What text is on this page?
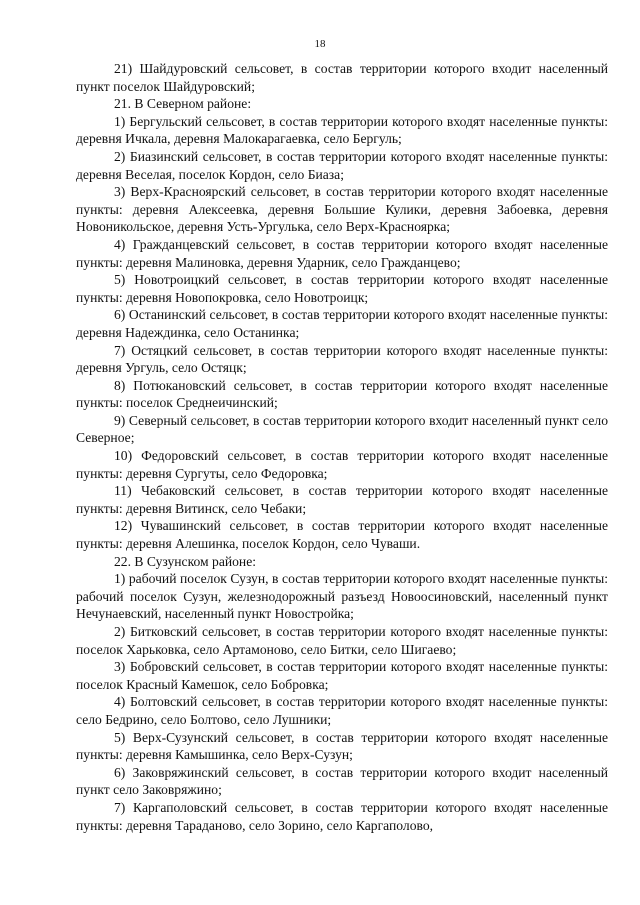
18

21) Шайдуровский сельсовет, в состав территории которого входит населенный пункт поселок Шайдуровский;

21. В Северном районе:

1) Бергульский сельсовет, в состав территории которого входят населенные пункты: деревня Ичкала, деревня Малокарагаевка, село Бергуль;

2) Биазинский сельсовет, в состав территории которого входят населенные пункты: деревня Веселая, поселок Кордон, село Биаза;

3) Верх-Красноярский сельсовет, в состав территории которого входят населенные пункты: деревня Алексеевка, деревня Большие Кулики, деревня Забоевка, деревня Новоникольское, деревня Усть-Ургулька, село Верх-Красноярка;

4) Гражданцевский сельсовет, в состав территории которого входят населенные пункты: деревня Малиновка, деревня Ударник, село Гражданцево;

5) Новотроицкий сельсовет, в состав территории которого входят населенные пункты: деревня Новопокровка, село Новотроицк;

6) Останинский сельсовет, в состав территории которого входят населенные пункты: деревня Надеждинка, село Останинка;

7) Остяцкий сельсовет, в состав территории которого входят населенные пункты: деревня Ургуль, село Остяцк;

8) Потюкановский сельсовет, в состав территории которого входят населенные пункты: поселок Среднеичинский;

9) Северный сельсовет, в состав территории которого входит населенный пункт село Северное;

10) Федоровский сельсовет, в состав территории которого входят населенные пункты: деревня Сургуты, село Федоровка;

11) Чебаковский сельсовет, в состав территории которого входят населенные пункты: деревня Витинск, село Чебаки;

12) Чувашинский сельсовет, в состав территории которого входят населенные пункты: деревня Алешинка, поселок Кордон, село Чуваши.

22. В Сузунском районе:

1) рабочий поселок Сузун, в состав территории которого входят населенные пункты: рабочий поселок Сузун, железнодорожный разъезд Новоосиновский, населенный пункт Нечунаевский, населенный пункт Новостройка;

2) Битковский сельсовет, в состав территории которого входят населенные пункты: поселок Харьковка, село Артамоново, село Битки, село Шигаево;

3) Бобровский сельсовет, в состав территории которого входят населенные пункты: поселок Красный Камешок, село Бобровка;

4) Болтовский сельсовет, в состав территории которого входят населенные пункты: село Бедрино, село Болтово, село Лушники;

5) Верх-Сузунский сельсовет, в состав территории которого входят населенные пункты: деревня Камышинка, село Верх-Сузун;

6) Заковряжинский сельсовет, в состав территории которого входит населенный пункт село Заковряжино;

7) Каргаполовский сельсовет, в состав территории которого входят населенные пункты: деревня Тараданово, село Зорино, село Каргаполово,
